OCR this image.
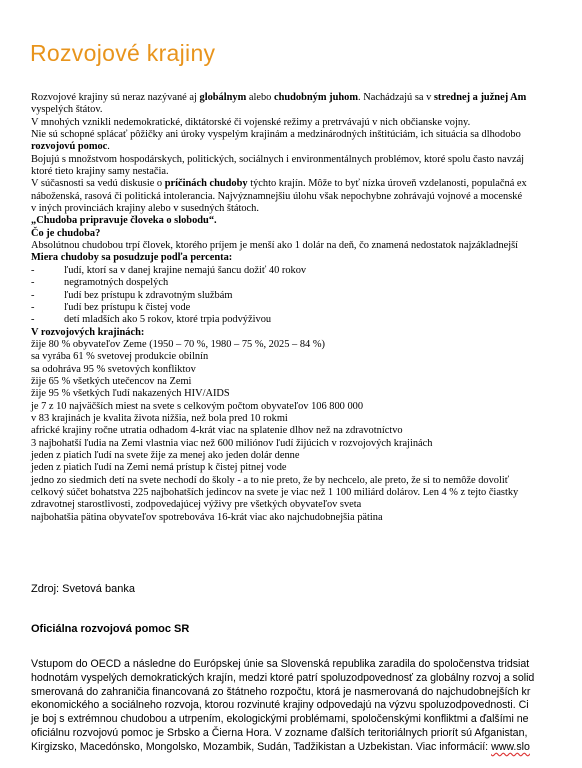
Rozvojové krajiny
Rozvojové krajiny sú neraz nazývané aj globálnym alebo chudobným juhom. Nachádzajú sa v strednej a južnej Am
vyspelých štátov.
V mnohých vznikli nedemokratické, diktátorské či vojenské režimy a pretrvávajú v nich občianske vojny.
Nie sú schopné splácať pôžičky ani úroky vyspelým krajinám a medzinárodných inštitúciám, ich situácia sa dlhodobo
rozvojovú pomoc.
Bojujú s množstvom hospodárskych, politických, sociálnych i environmentálnych problémov, ktoré spolu často navzáj
ktoré tieto krajiny samy nestačia.
V súčasnosti sa vedú diskusie o príčinách chudoby týchto krajín. Môže to byť nízka úroveň vzdelanosti, populačná ex
náboženská, rasová či politická intolerancia. Najvýznamnejšiu úlohu však nepochybne zohrávajú vojnové a mocenské
v iných provinciách krajiny alebo v susedných štátoch.
„Chudoba pripravuje človeka o slobodu“.
Čo je chudoba?
Absolútnou chudobou trpí človek, ktorého príjem je menší ako 1 dolár na deň, čo znamená nedostatok najzákladnejší
Miera chudoby sa posudzuje podľa percenta:
-	ľudí, ktorí sa v danej krajine nemajú šancu dožiť 40 rokov
-	negramotných dospelých
-	ľudí bez prístupu k zdravotným službám
-	ľudí bez prístupu k čistej vode
-	detí mladších ako 5 rokov, ktoré trpia podvýživou
V rozvojových krajinách:
žije 80 % obyvateľov Zeme (1950 – 70 %, 1980 – 75 %, 2025 – 84 %)
sa vyrába 61 % svetovej produkcie obilnín
sa odohráva 95 % svetových konfliktov
žije 65 % všetkých utečencov na Zemi
žije 95 % všetkých ľudí nakazených HIV/AIDS
je 7 z 10 najväčších miest na svete s celkovým počtom obyvateľov 106 800 000
v 83 krajinách je kvalita života nižšia, než bola pred 10 rokmi
africké krajiny ročne utratia odhadom 4-krát viac na splatenie dlhov než na zdravotníctvo
3 najbohatší ľudia na Zemi vlastnia viac než 600 miliónov ľudí žijúcich v rozvojových krajinách
jeden z piatich ľudí na svete žije za menej ako jeden dolár denne
jeden z piatich ľudí na Zemi nemá prístup k čistej pitnej vode
jedno zo siedmich detí na svete nechodí do školy - a to nie preto, že by nechcelo, ale preto, že si to nemôže dovoliť
celkový súčet bohatstva 225 najbohatších jedincov na svete je viac než 1 100 miliárd dolárov. Len 4 % z tejto čiastky
zdravotnej starostlivosti, zodpovedajúcej výživy pre všetkých obyvateľov sveta
najbohatšia pätina obyvateľov spotrebováva 16-krát viac ako najchudobnejšia pätina
Zdroj: Svetová banka
Oficiálna rozvojová pomoc SR
Vstupom do OECD a následne do Európskej únie sa Slovenská republika zaradila do spoločenstva tridsiat
hodnotám vyspelých demokratických krajín, medzi ktoré patrí spoluzodpovednosť za globálny rozvoj a solid
smerovaná do zahraničia financovaná zo štátneho rozpočtu, ktorá je nasmerovaná do najchudobnejších kr
ekonomického a sociálneho rozvoja, ktorou rozvinuté krajiny odpovedajú na výzvu spoluzodpovednosti. Ci
je boj s extrémnou chudobou a utrpením, ekologickými problémami, spoločenskými konfliktmi a ďalšími ne
oficiálnu rozvojovú pomoc je Srbsko a Čierna Hora. V zozname ďalších teritoriálnych priorít sú Afganistan,
Kirgizsko, Macedónsko, Mongolsko, Mozambik, Sudán, Tadžikistan a Uzbekistan. Viac informácií: www.slo
